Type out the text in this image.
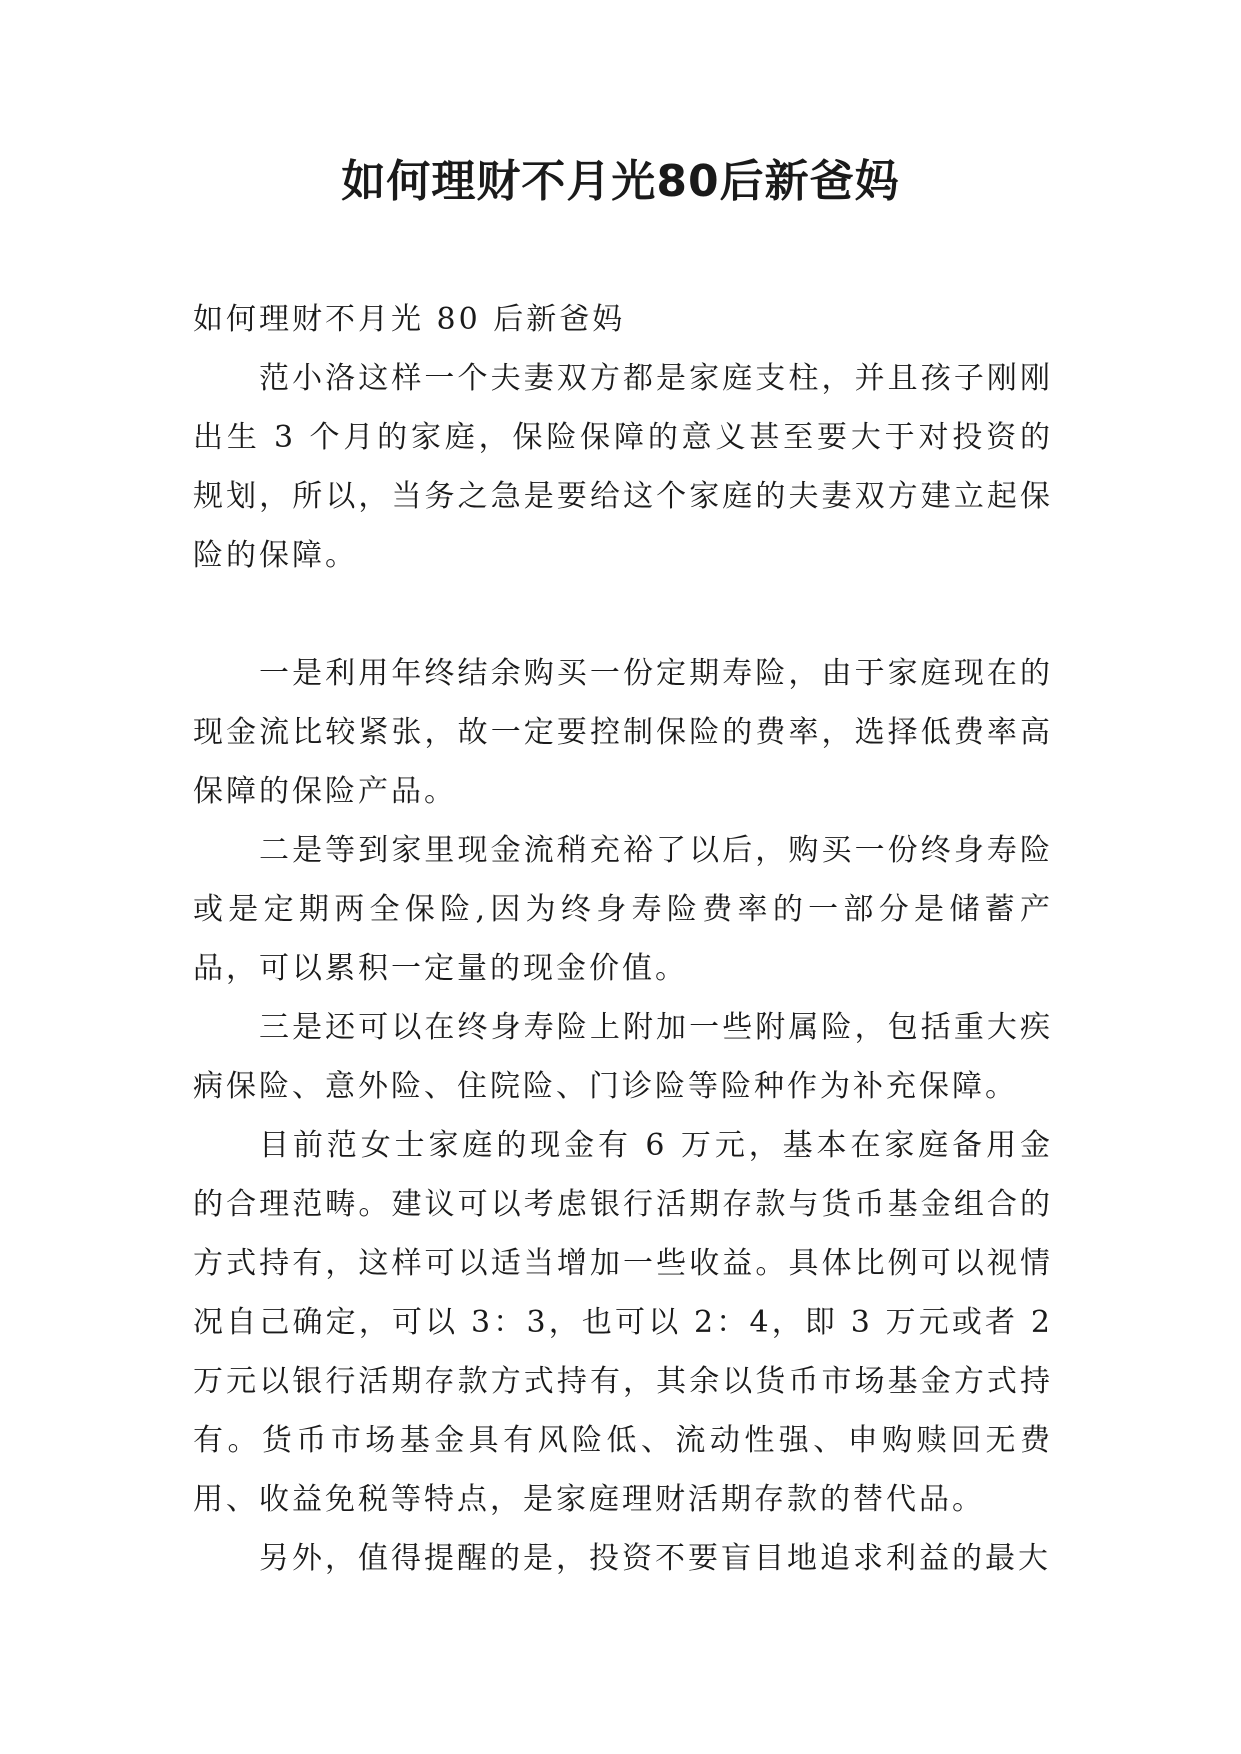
如何理财不月光80后新爸妈

如何理财不月光 80 后新爸妈

范小洛这样一个夫妻双方都是家庭支柱，并且孩子刚刚出生 3 个月的家庭，保险保障的意义甚至要大于对投资的规划，所以，当务之急是要给这个家庭的夫妻双方建立起保险的保障。

一是利用年终结余购买一份定期寿险，由于家庭现在的现金流比较紧张，故一定要控制保险的费率，选择低费率高保障的保险产品。

二是等到家里现金流稍充裕了以后，购买一份终身寿险或是定期两全保险,因为终身寿险费率的一部分是储蓄产品，可以累积一定量的现金价值。

三是还可以在终身寿险上附加一些附属险，包括重大疾病保险、意外险、住院险、门诊险等险种作为补充保障。

目前范女士家庭的现金有 6 万元，基本在家庭备用金的合理范畴。建议可以考虑银行活期存款与货币基金组合的方式持有，这样可以适当增加一些收益。具体比例可以视情况自己确定，可以 3：3，也可以 2：4，即 3 万元或者 2 万元以银行活期存款方式持有，其余以货币市场基金方式持有。货币市场基金具有风险低、流动性强、申购赎回无费用、收益免税等特点，是家庭理财活期存款的替代品。

另外，值得提醒的是，投资不要盲目地追求利益的最大
